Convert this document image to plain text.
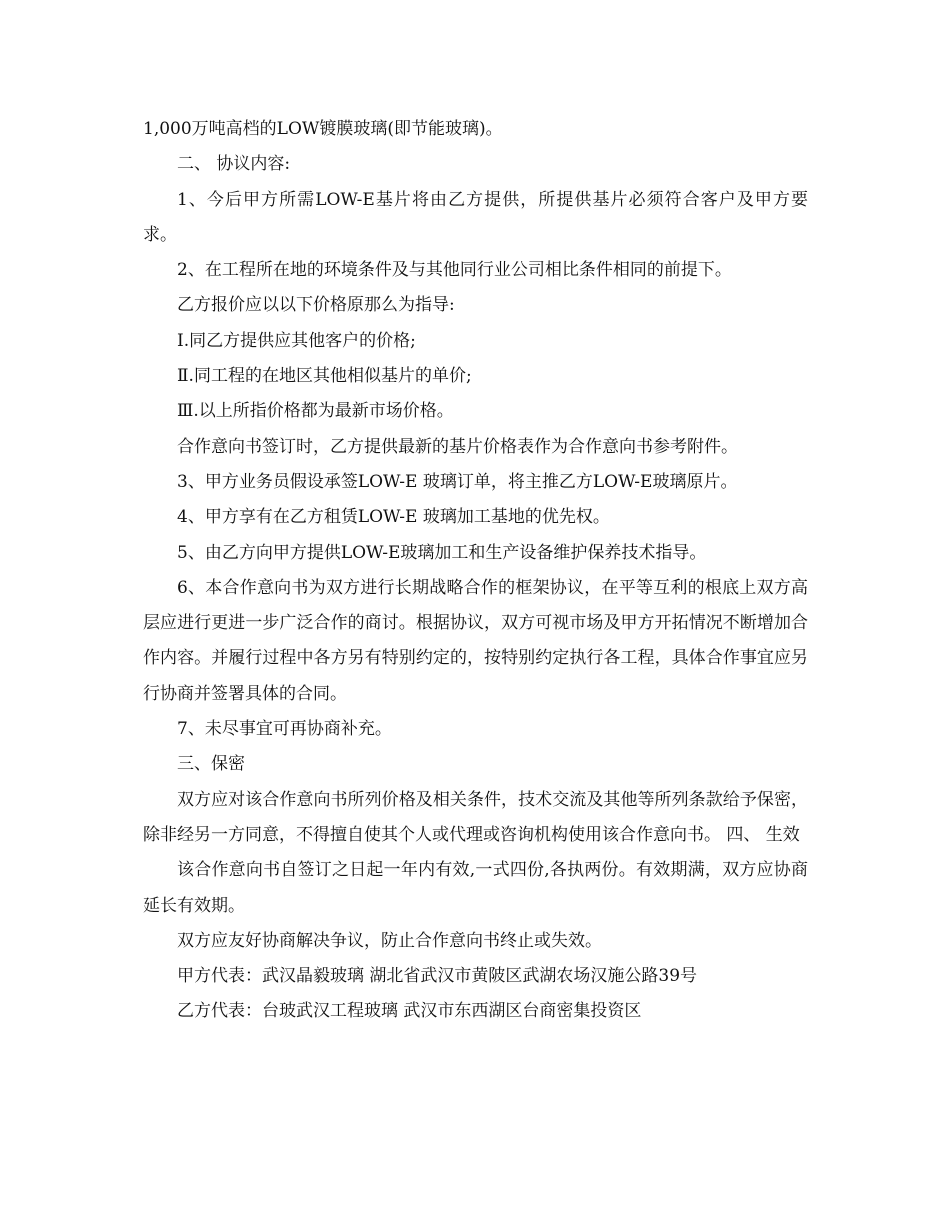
1,000万吨高档的LOW镀膜玻璃(即节能玻璃)。

二、 协议内容:

1、今后甲方所需LOW-E基片将由乙方提供，所提供基片必须符合客户及甲方要求。

2、在工程所在地的环境条件及与其他同行业公司相比条件相同的前提下。

乙方报价应以以下价格原那么为指导:

Ⅰ.同乙方提供应其他客户的价格;

Ⅱ.同工程的在地区其他相似基片的单价;

Ⅲ.以上所指价格都为最新市场价格。

合作意向书签订时，乙方提供最新的基片价格表作为合作意向书参考附件。

3、甲方业务员假设承签LOW-E 玻璃订单，将主推乙方LOW-E玻璃原片。

4、甲方享有在乙方租赁LOW-E 玻璃加工基地的优先权。

5、由乙方向甲方提供LOW-E玻璃加工和生产设备维护保养技术指导。

6、本合作意向书为双方进行长期战略合作的框架协议，在平等互利的根底上双方高层应进行更进一步广泛合作的商讨。根据协议，双方可视市场及甲方开拓情况不断增加合作内容。并履行过程中各方另有特别约定的，按特别约定执行各工程，具体合作事宜应另行协商并签署具体的合同。

7、未尽事宜可再协商补充。

三、保密

双方应对该合作意向书所列价格及相关条件，技术交流及其他等所列条款给予保密，除非经另一方同意，不得擅自使其个人或代理或咨询机构使用该合作意向书。 四、 生效

该合作意向书自签订之日起一年内有效,一式四份,各执两份。有效期满，双方应协商延长有效期。

双方应友好协商解决争议，防止合作意向书终止或失效。

甲方代表：武汉晶毅玻璃 湖北省武汉市黄陂区武湖农场汉施公路39号

乙方代表：台玻武汉工程玻璃 武汉市东西湖区台商密集投资区
